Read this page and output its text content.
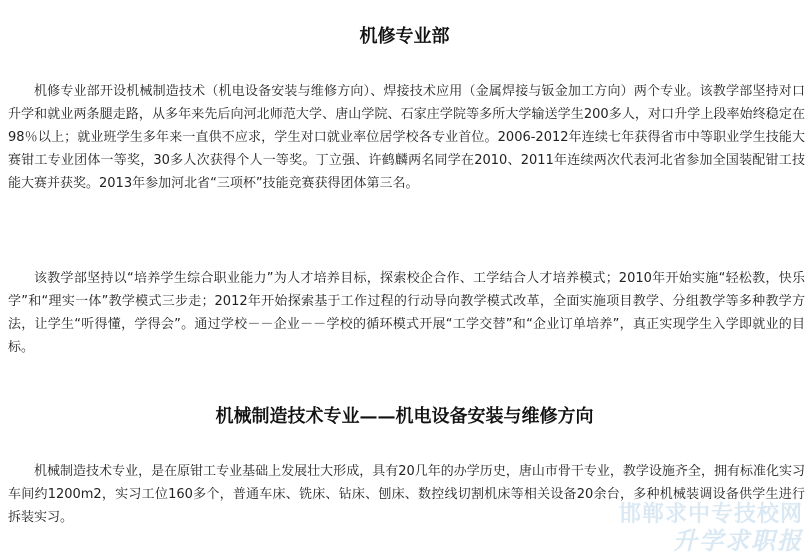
机修专业部

机修专业部开设机械制造技术（机电设备安装与维修方向）、焊接技术应用（金属焊接与钣金加工方向）两个专业。该教学部坚持对口升学和就业两条腿走路，从多年来先后向河北师范大学、唐山学院、石家庄学院等多所大学输送学生200多人，对口升学上段率始终稳定在98％以上；就业班学生多年来一直供不应求，学生对口就业率位居学校各专业首位。2006-2012年连续七年获得省市中等职业学生技能大赛钳工专业团体一等奖，30多人次获得个人一等奖。丁立强、许鹤麟两名同学在2010、2011年连续两次代表河北省参加全国装配钳工技能大赛并获奖。2013年参加河北省“三项杯”技能竞赛获得团体第三名。

该教学部坚持以“培养学生综合职业能力”为人才培养目标，探索校企合作、工学结合人才培养模式；2010年开始实施“轻松教，快乐学”和“理实一体”教学模式三步走；2012年开始探索基于工作过程的行动导向教学模式改革，全面实施项目教学、分组教学等多种教学方法，让学生“听得懂，学得会”。通过学校－－企业－－学校的循环模式开展“工学交替”和“企业订单培养”，真正实现学生入学即就业的目标。

机械制造技术专业——机电设备安装与维修方向

机械制造技术专业，是在原钳工专业基础上发展壮大形成，具有20几年的办学历史，唐山市骨干专业，教学设施齐全，拥有标准化实习车间约1200m2，实习工位160多个，普通车床、铣床、钻床、刨床、数控线切割机床等相关设备20余台，多种机械装调设备供学生进行拆装实习。	邯郸求中专技校网
升学求职报
